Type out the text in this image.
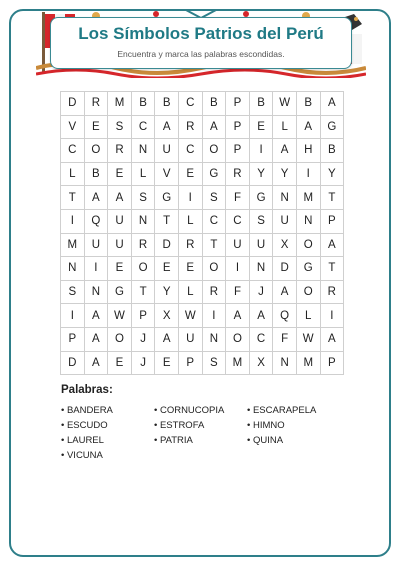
Los Símbolos Patrios del Perú
Encuentra y marca las palabras escondidas.
D	R	M	B	B	C	B	P	B	W	B	A
V	E	S	C	A	R	A	P	E	L	A	G
C	O	R	N	U	C	O	P	I	A	H	B
L	B	E	L	V	E	G	R	Y	Y	I	Y
T	A	A	S	G	I	S	F	G	N	M	T
I	Q	U	N	T	L	C	C	S	U	N	P
M	U	U	R	D	R	T	U	U	X	O	A
N	I	E	O	E	E	O	I	N	D	G	T
S	N	G	T	Y	L	R	F	J	A	O	R
I	A	W	P	X	W	I	A	A	Q	L	I
P	A	O	J	A	U	N	O	C	F	W	A
D	A	E	J	E	P	S	M	X	N	M	P
Palabras:
• BANDERA
• ESCUDO
• LAUREL
• VICUNA
• CORNUCOPIA
• ESTROFA
• PATRIA
• ESCARAPELA
• HIMNO
• QUINA
